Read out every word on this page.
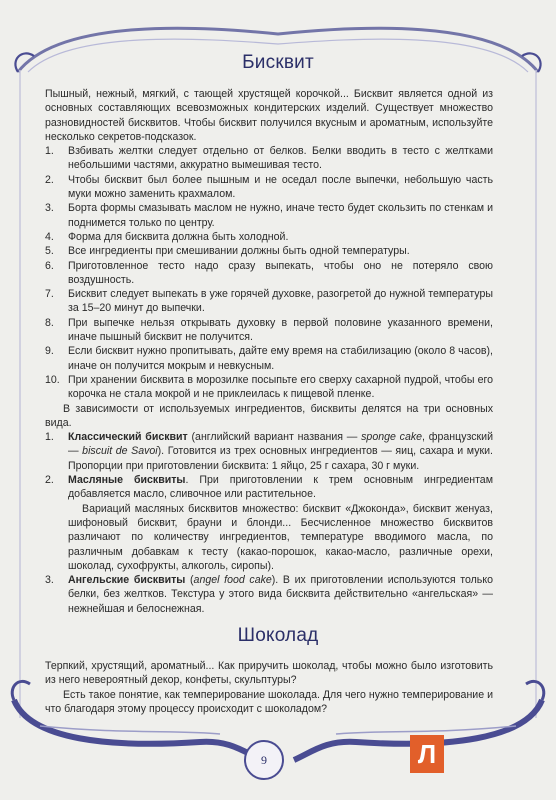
Бисквит

Пышный, нежный, мягкий, с тающей хрустящей корочкой... Бисквит является одной из основных составляющих всевозможных кондитерских изделий. Существует множество разновидностей бисквитов. Чтобы бисквит получился вкусным и ароматным, используйте несколько секретов-подсказок.

1.	Взбивать желтки следует отдельно от белков. Белки вводить в тесто с желтками небольшими частями, аккуратно вымешивая тесто.
2.	Чтобы бисквит был более пышным и не оседал после выпечки, небольшую часть муки можно заменить крахмалом.
3.	Борта формы смазывать маслом не нужно, иначе тесто будет скользить по стенкам и поднимется только по центру.
4.	Форма для бисквита должна быть холодной.
5.	Все ингредиенты при смешивании должны быть одной температуры.
6.	Приготовленное тесто надо сразу выпекать, чтобы оно не потеряло свою воздушность.
7.	Бисквит следует выпекать в уже горячей духовке, разогретой до нужной температуры за 15–20 минут до выпечки.
8.	При выпечке нельзя открывать духовку в первой половине указанного времени, иначе пышный бисквит не получится.
9.	Если бисквит нужно пропитывать, дайте ему время на стабилизацию (около 8 часов), иначе он получится мокрым и невкусным.
10. При хранении бисквита в морозилке посыпьте его сверху сахарной пудрой, чтобы его корочка не стала мокрой и не приклеилась к пищевой пленке.

В зависимости от используемых ингредиентов, бисквиты делятся на три основных вида.

1.	Классический бисквит (английский вариант названия — sponge cake, французский — biscuit de Savoi). Готовится из трех основных ингредиентов — яиц, сахара и муки. Пропорции при приготовлении бисквита: 1 яйцо, 25 г сахара, 30 г муки.
2.	Масляные бисквиты. При приготовлении к трем основным ингредиентам добавляется масло, сливочное или растительное.

Вариаций масляных бисквитов множество: бисквит «Джоконда», бисквит женуаз, шифоновый бисквит, брауни и блонди... Бесчисленное множество бисквитов различают по количеству ингредиентов, температуре вводимого масла, по различным добавкам к тесту (какао-порошок, какао-масло, различные орехи, шоколад, сухофрукты, алкоголь, сиропы).

3.	Ангельские бисквиты (angel food cake). В их приготовлении используются только белки, без желтков. Текстура у этого вида бисквита действительно «ангельская» — нежнейшая и белоснежная.
Шоколад

Терпкий, хрустящий, ароматный... Как приручить шоколад, чтобы можно было изготовить из него невероятный декор, конфеты, скульптуры?

Есть такое понятие, как темперирование шоколада. Для чего нужно темперирование и что благодаря этому процессу происходит с шоколадом?

9	Л
